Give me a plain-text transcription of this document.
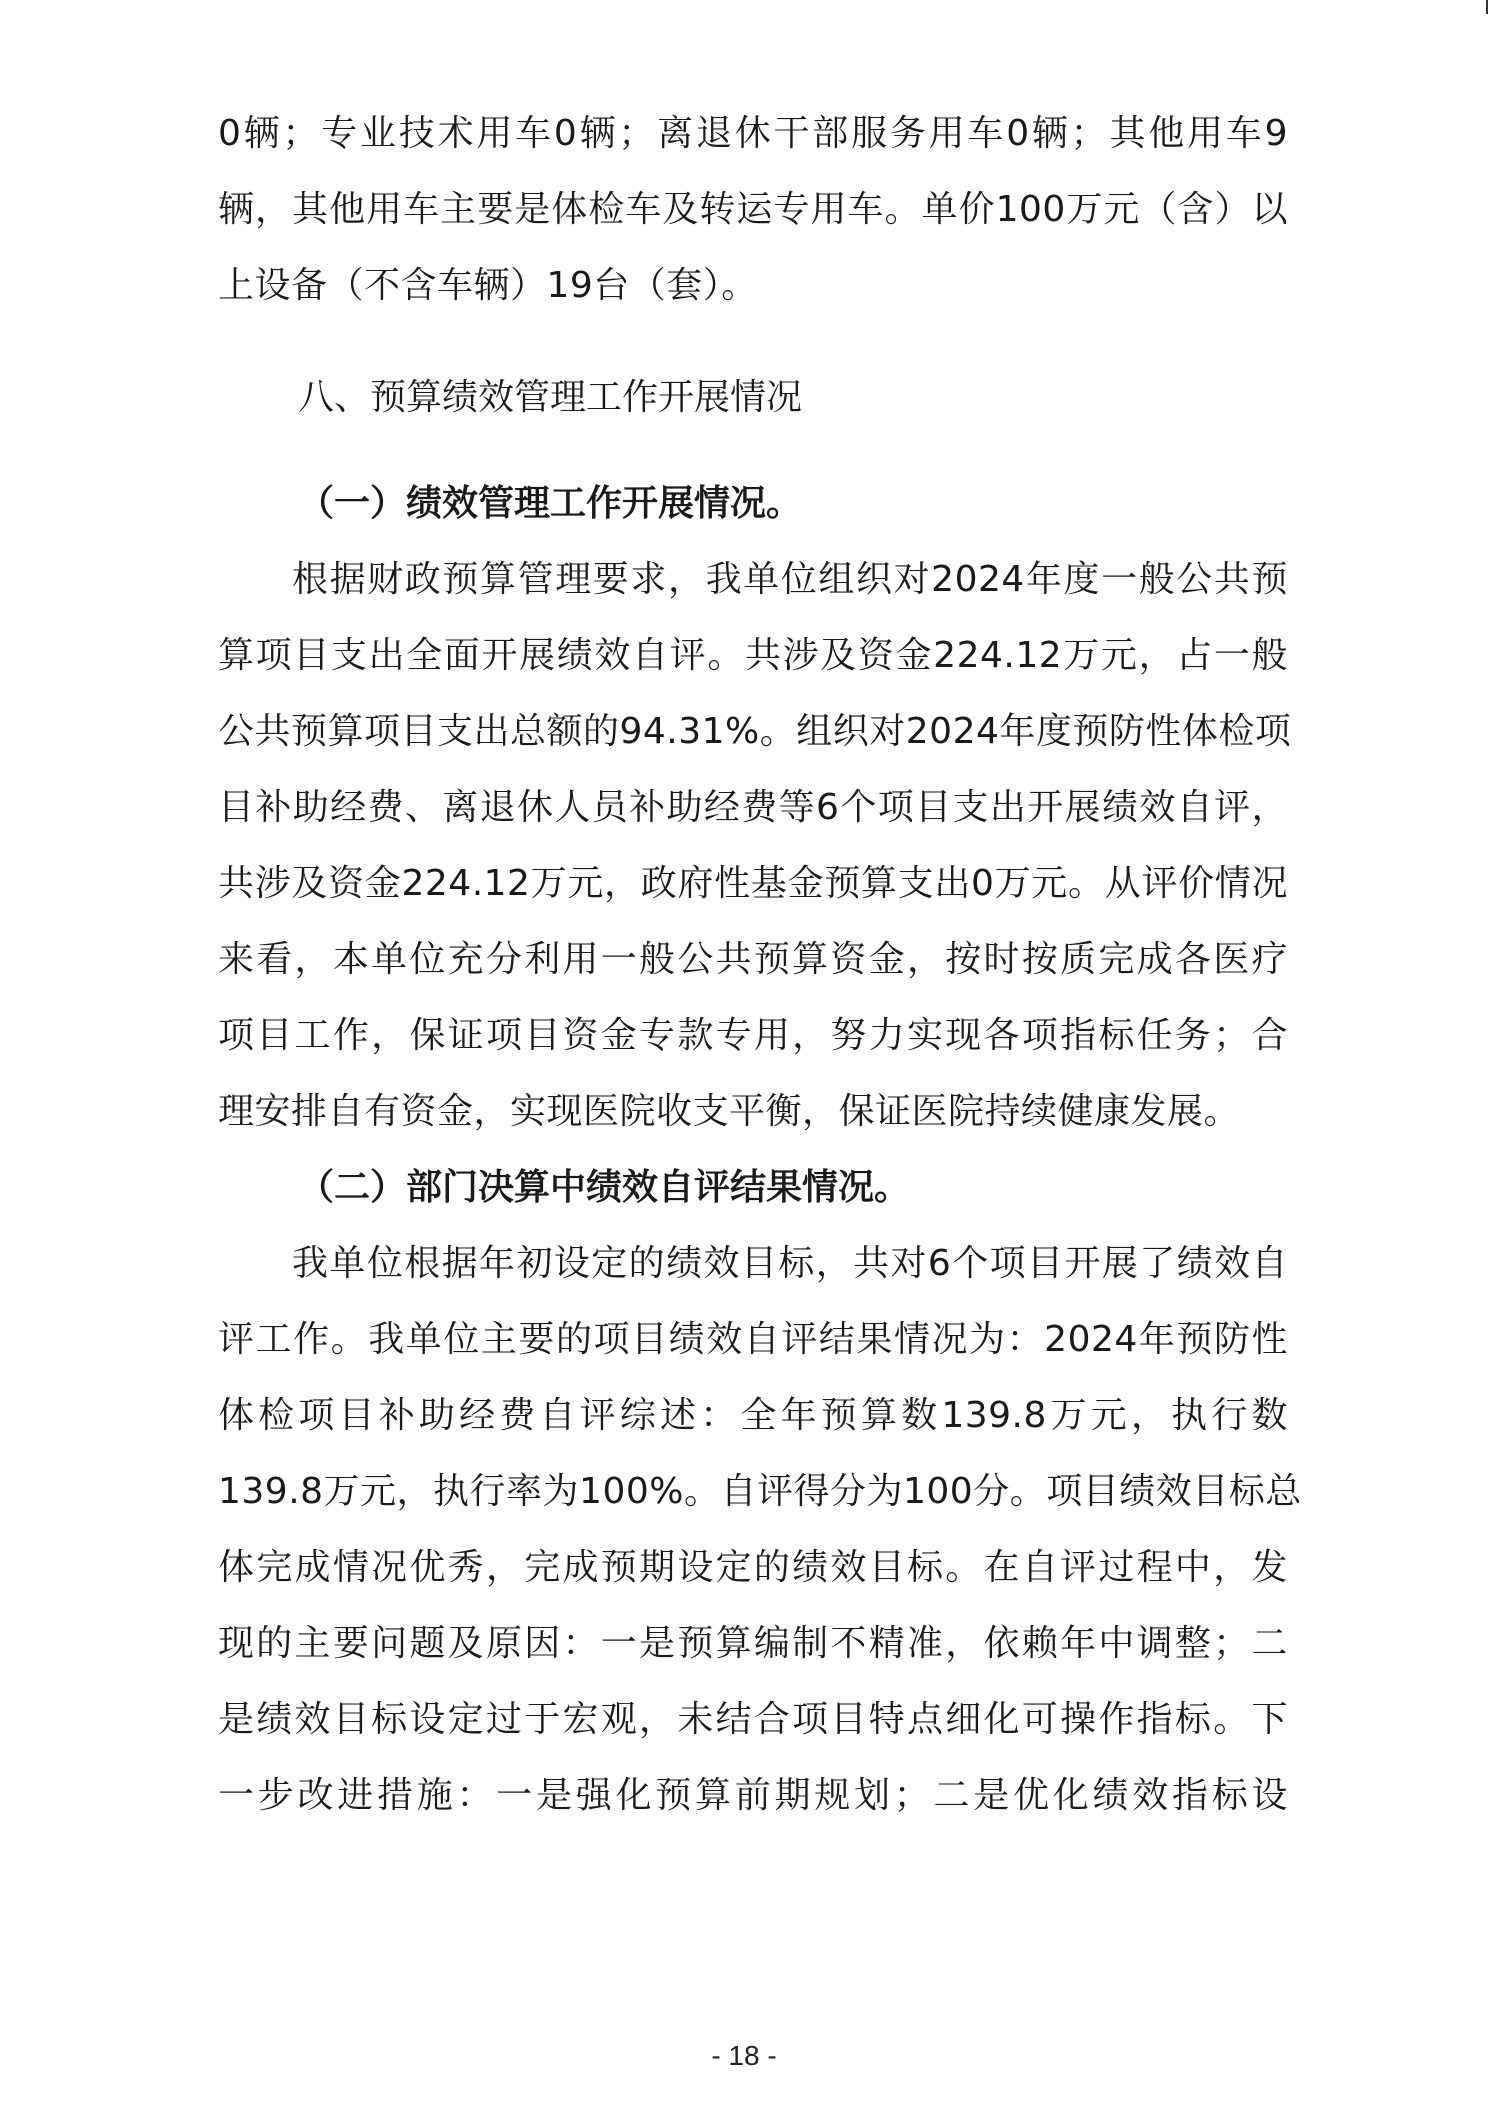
0辆；专业技术用车0辆；离退休干部服务用车0辆；其他用车9
辆，其他用车主要是体检车及转运专用车。单价100万元（含）以
上设备（不含车辆）19台（套）。
八、预算绩效管理工作开展情况
（一）绩效管理工作开展情况。
根据财政预算管理要求，我单位组织对2024年度一般公共预
算项目支出全面开展绩效自评。共涉及资金224.12万元，占一般
公共预算项目支出总额的94.31%。组织对2024年度预防性体检项
目补助经费、离退休人员补助经费等6个项目支出开展绩效自评，
共涉及资金224.12万元，政府性基金预算支出0万元。从评价情况
来看，本单位充分利用一般公共预算资金，按时按质完成各医疗
项目工作，保证项目资金专款专用，努力实现各项指标任务；合
理安排自有资金，实现医院收支平衡，保证医院持续健康发展。
（二）部门决算中绩效自评结果情况。
我单位根据年初设定的绩效目标，共对6个项目开展了绩效自
评工作。我单位主要的项目绩效自评结果情况为：2024年预防性
体检项目补助经费自评综述：全年预算数139.8万元，执行数
139.8万元，执行率为100%。自评得分为100分。项目绩效目标总
体完成情况优秀，完成预期设定的绩效目标。在自评过程中，发
现的主要问题及原因：一是预算编制不精准，依赖年中调整；二
是绩效目标设定过于宏观，未结合项目特点细化可操作指标。下
一步改进措施：一是强化预算前期规划；二是优化绩效指标设
- 18 -
